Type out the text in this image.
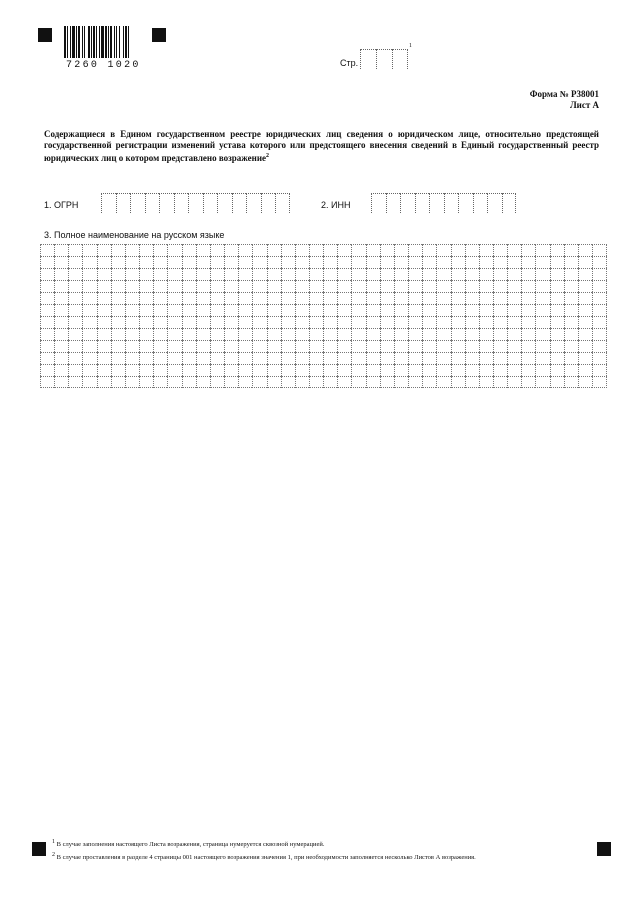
7260 1020	Стр.
1
Форма № Р38001
Лист А
Содержащиеся в Едином государственном реестре юридических лиц сведения о юридическом лице, относительно предстоящей государственной регистрации изменений устава которого или предстоящего внесения сведений в Единый государственный реестр юридических лиц о котором представлено возражение$^2$
1. ОГРН	2. ИНН
3. Полное наименование на русском языке
1 В случае заполнения настоящего Листа возражения, страница нумеруется сквозной нумерацией.
2 В случае проставления в разделе 4 страницы 001 настоящего возражения значения 1, при необходимости заполняется несколько Листов А возражения.
